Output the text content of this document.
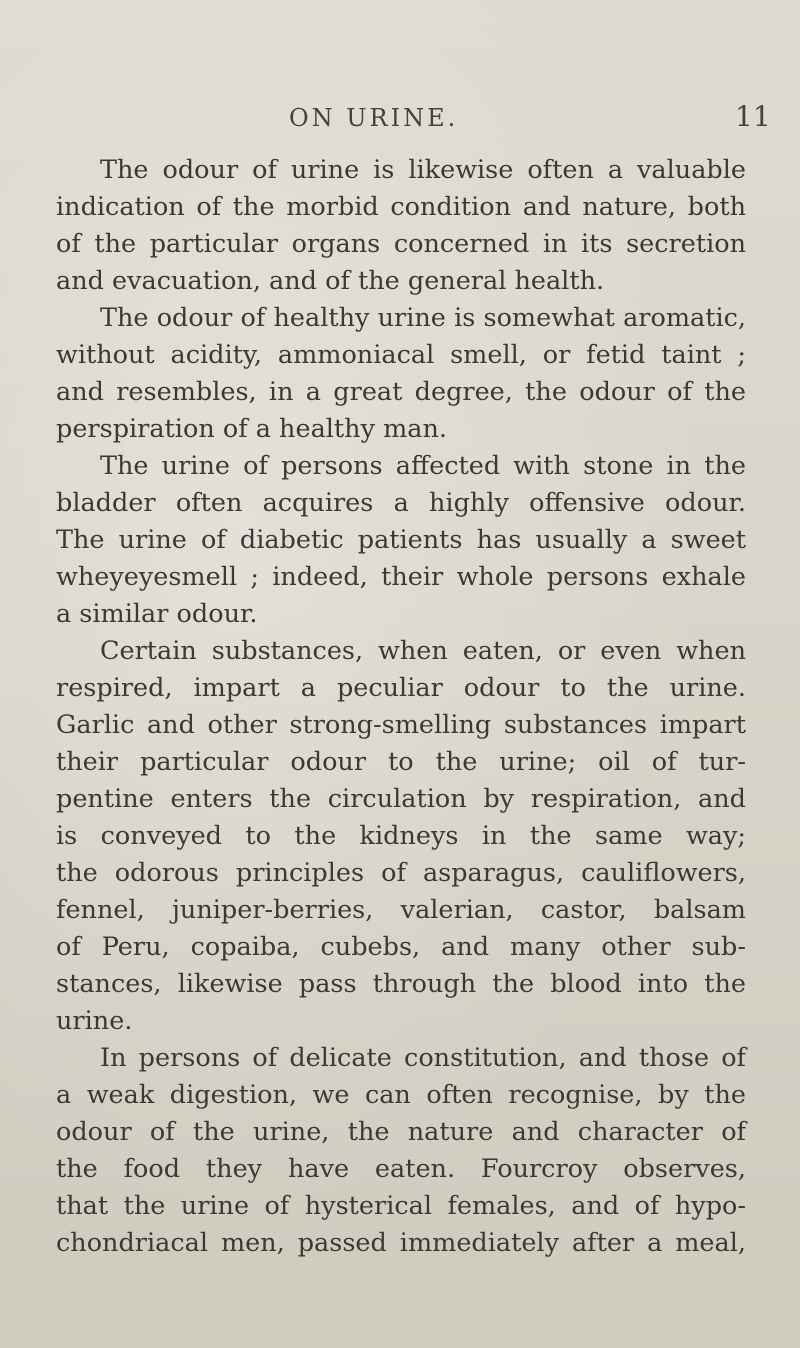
ON URINE.	11
The odour of urine is likewise often a valuable
indication of the morbid condition and nature, both
of the particular organs concerned in its secretion
and evacuation, and of the general health.
The odour of healthy urine is somewhat aromatic,
without acidity, ammoniacal smell, or fetid taint ;
and resembles, in a great degree, the odour of the
perspiration of a healthy man.
The urine of persons affected with stone in the
bladder often acquires a highly offensive odour.
The urine of diabetic patients has usually a sweet
wheyeyesmell ; indeed, their whole persons exhale
a similar odour.
Certain substances, when eaten, or even when
respired, impart a peculiar odour to the urine.
Garlic and other strong-smelling substances impart
their particular odour to the urine; oil of tur-
pentine enters the circulation by respiration, and
is conveyed to the kidneys in the same way;
the odorous principles of asparagus, cauliflowers,
fennel, juniper-berries, valerian, castor, balsam
of Peru, copaiba, cubebs, and many other sub-
stances, likewise pass through the blood into the
urine.
In persons of delicate constitution, and those of
a weak digestion, we can often recognise, by the
odour of the urine, the nature and character of
the food they have eaten. Fourcroy observes,
that the urine of hysterical females, and of hypo-
chondriacal men, passed immediately after a meal,
